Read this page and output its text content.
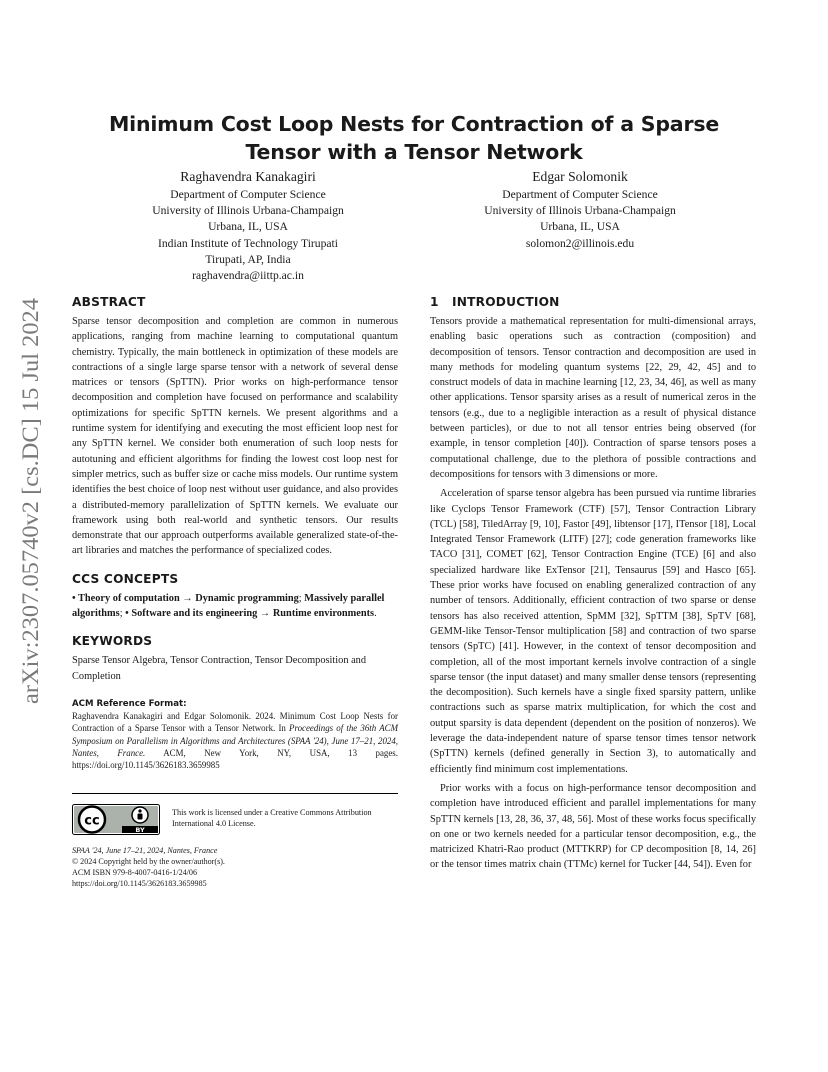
Minimum Cost Loop Nests for Contraction of a Sparse Tensor with a Tensor Network
Raghavendra Kanakagiri
Department of Computer Science
University of Illinois Urbana-Champaign
Urbana, IL, USA
Indian Institute of Technology Tirupati
Tirupati, AP, India
raghavendra@iittp.ac.in
Edgar Solomonik
Department of Computer Science
University of Illinois Urbana-Champaign
Urbana, IL, USA
solomon2@illinois.edu
arXiv:2307.05740v2 [cs.DC] 15 Jul 2024
ABSTRACT

Sparse tensor decomposition and completion are common in numerous applications, ranging from machine learning to computational quantum chemistry. Typically, the main bottleneck in optimization of these models are contractions of a single large sparse tensor with a network of several dense matrices or tensors (SpTTN). Prior works on high-performance tensor decomposition and completion have focused on performance and scalability optimizations for specific SpTTN kernels. We present algorithms and a runtime system for identifying and executing the most efficient loop nest for any SpTTN kernel. We consider both enumeration of such loop nests for autotuning and efficient algorithms for finding the lowest cost loop nest for simpler metrics, such as buffer size or cache miss models. Our runtime system identifies the best choice of loop nest without user guidance, and also provides a distributed-memory parallelization of SpTTN kernels. We evaluate our framework using both real-world and synthetic tensors. Our results demonstrate that our approach outperforms available generalized state-of-the-art libraries and matches the performance of specialized codes.

CCS CONCEPTS

• Theory of computation → Dynamic programming; Massively parallel algorithms; • Software and its engineering → Runtime environments.

KEYWORDS

Sparse Tensor Algebra, Tensor Contraction, Tensor Decomposition and Completion

ACM Reference Format:

Raghavendra Kanakagiri and Edgar Solomonik. 2024. Minimum Cost Loop Nests for Contraction of a Sparse Tensor with a Tensor Network. In Proceedings of the 36th ACM Symposium on Parallelism in Algorithms and Architectures (SPAA '24), June 17–21, 2024, Nantes, France. ACM, New York, NY, USA, 13 pages. https://doi.org/10.1145/3626183.3659985

cc
BY
This work is licensed under a Creative Commons Attribution International 4.0 License.
SPAA '24, June 17–21, 2024, Nantes, France
© 2024 Copyright held by the owner/author(s).
ACM ISBN 979-8-4007-0416-1/24/06
https://doi.org/10.1145/3626183.3659985
1   INTRODUCTION

Tensors provide a mathematical representation for multi-dimensional arrays, enabling basic operations such as contraction (composition) and decomposition of tensors. Tensor contraction and decomposition are used in many methods for modeling quantum systems [22, 29, 42, 45] and to construct models of data in machine learning [12, 23, 34, 46], as well as many other applications. Tensor sparsity arises as a result of numerical zeros in the tensors (e.g., due to a negligible interaction as a result of physical distance between particles), or due to not all tensor entries being observed (for example, in tensor completion [40]). Contraction of sparse tensors poses a computational challenge, due to the plethora of possible contractions and decompositions for tensors with 3 dimensions or more.

Acceleration of sparse tensor algebra has been pursued via runtime libraries like Cyclops Tensor Framework (CTF) [57], Tensor Contraction Library (TCL) [58], TiledArray [9, 10], Fastor [49], libtensor [17], ITensor [18], Local Integrated Tensor Framework (LITF) [27]; code generation frameworks like TACO [31], COMET [62], Tensor Contraction Engine (TCE) [6] and also specialized hardware like ExTensor [21], Tensaurus [59] and Hasco [65]. These prior works have focused on enabling generalized contraction of any number of tensors. Additionally, efficient contraction of two sparse or dense tensors has also received attention, SpMM [32], SpTTM [38], SpTV [68], GEMM-like Tensor-Tensor multiplication [58] and contraction of two sparse tensors (SpTC) [41]. However, in the context of tensor decomposition and completion, all of the most important kernels involve contraction of a single sparse tensor (the input dataset) and many smaller dense tensors (representing the decomposition). Such kernels have a single fixed sparsity pattern, unlike contractions such as sparse matrix multiplication, for which the cost and output sparsity is data dependent (dependent on the position of nonzeros). We leverage the data-independent nature of sparse tensor times tensor network (SpTTN) kernels (defined generally in Section 3), to automatically and efficiently find minimum cost implementations.

Prior works with a focus on high-performance tensor decomposition and completion have introduced efficient and parallel implementations for many SpTTN kernels [13, 28, 36, 37, 48, 56]. Most of these works focus specifically on one or two kernels needed for a particular tensor decomposition, e.g., the matricized Khatri-Rao product (MTTKRP) for CP decomposition [8, 14, 26] or the tensor times matrix chain (TTMc) kernel for Tucker [44, 54]). Even for
